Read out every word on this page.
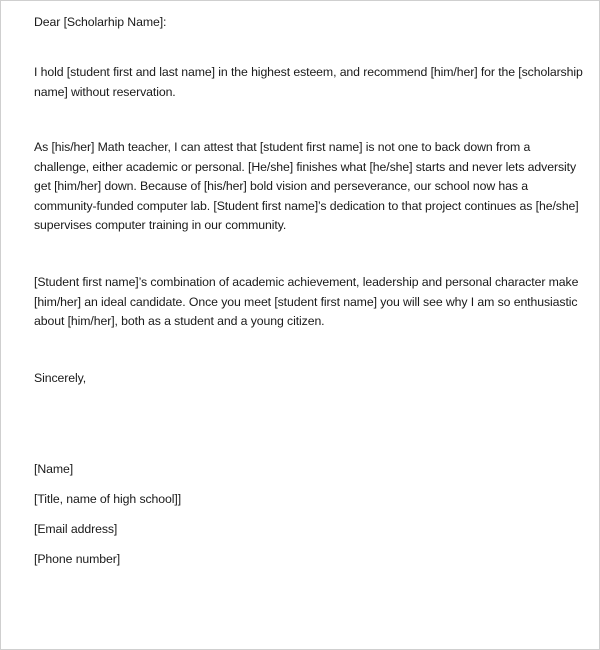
Dear [Scholarhip Name]:
I hold [student first and last name] in the highest esteem, and recommend [him/her] for the [scholarship
name] without reservation.
As [his/her] Math teacher, I can attest that [student first name] is not one to back down from a
challenge, either academic or personal. [He/she] finishes what [he/she] starts and never lets adversity
get [him/her] down. Because of [his/her] bold vision and perseverance, our school now has a
community-funded computer lab. [Student first name]’s dedication to that project continues as [he/she]
supervises computer training in our community.
[Student first name]’s combination of academic achievement, leadership and personal character make
[him/her] an ideal candidate. Once you meet [student first name] you will see why I am so enthusiastic
about [him/her], both as a student and a young citizen.
Sincerely,
[Name]
[Title, name of high school]]
[Email address]
[Phone number]
